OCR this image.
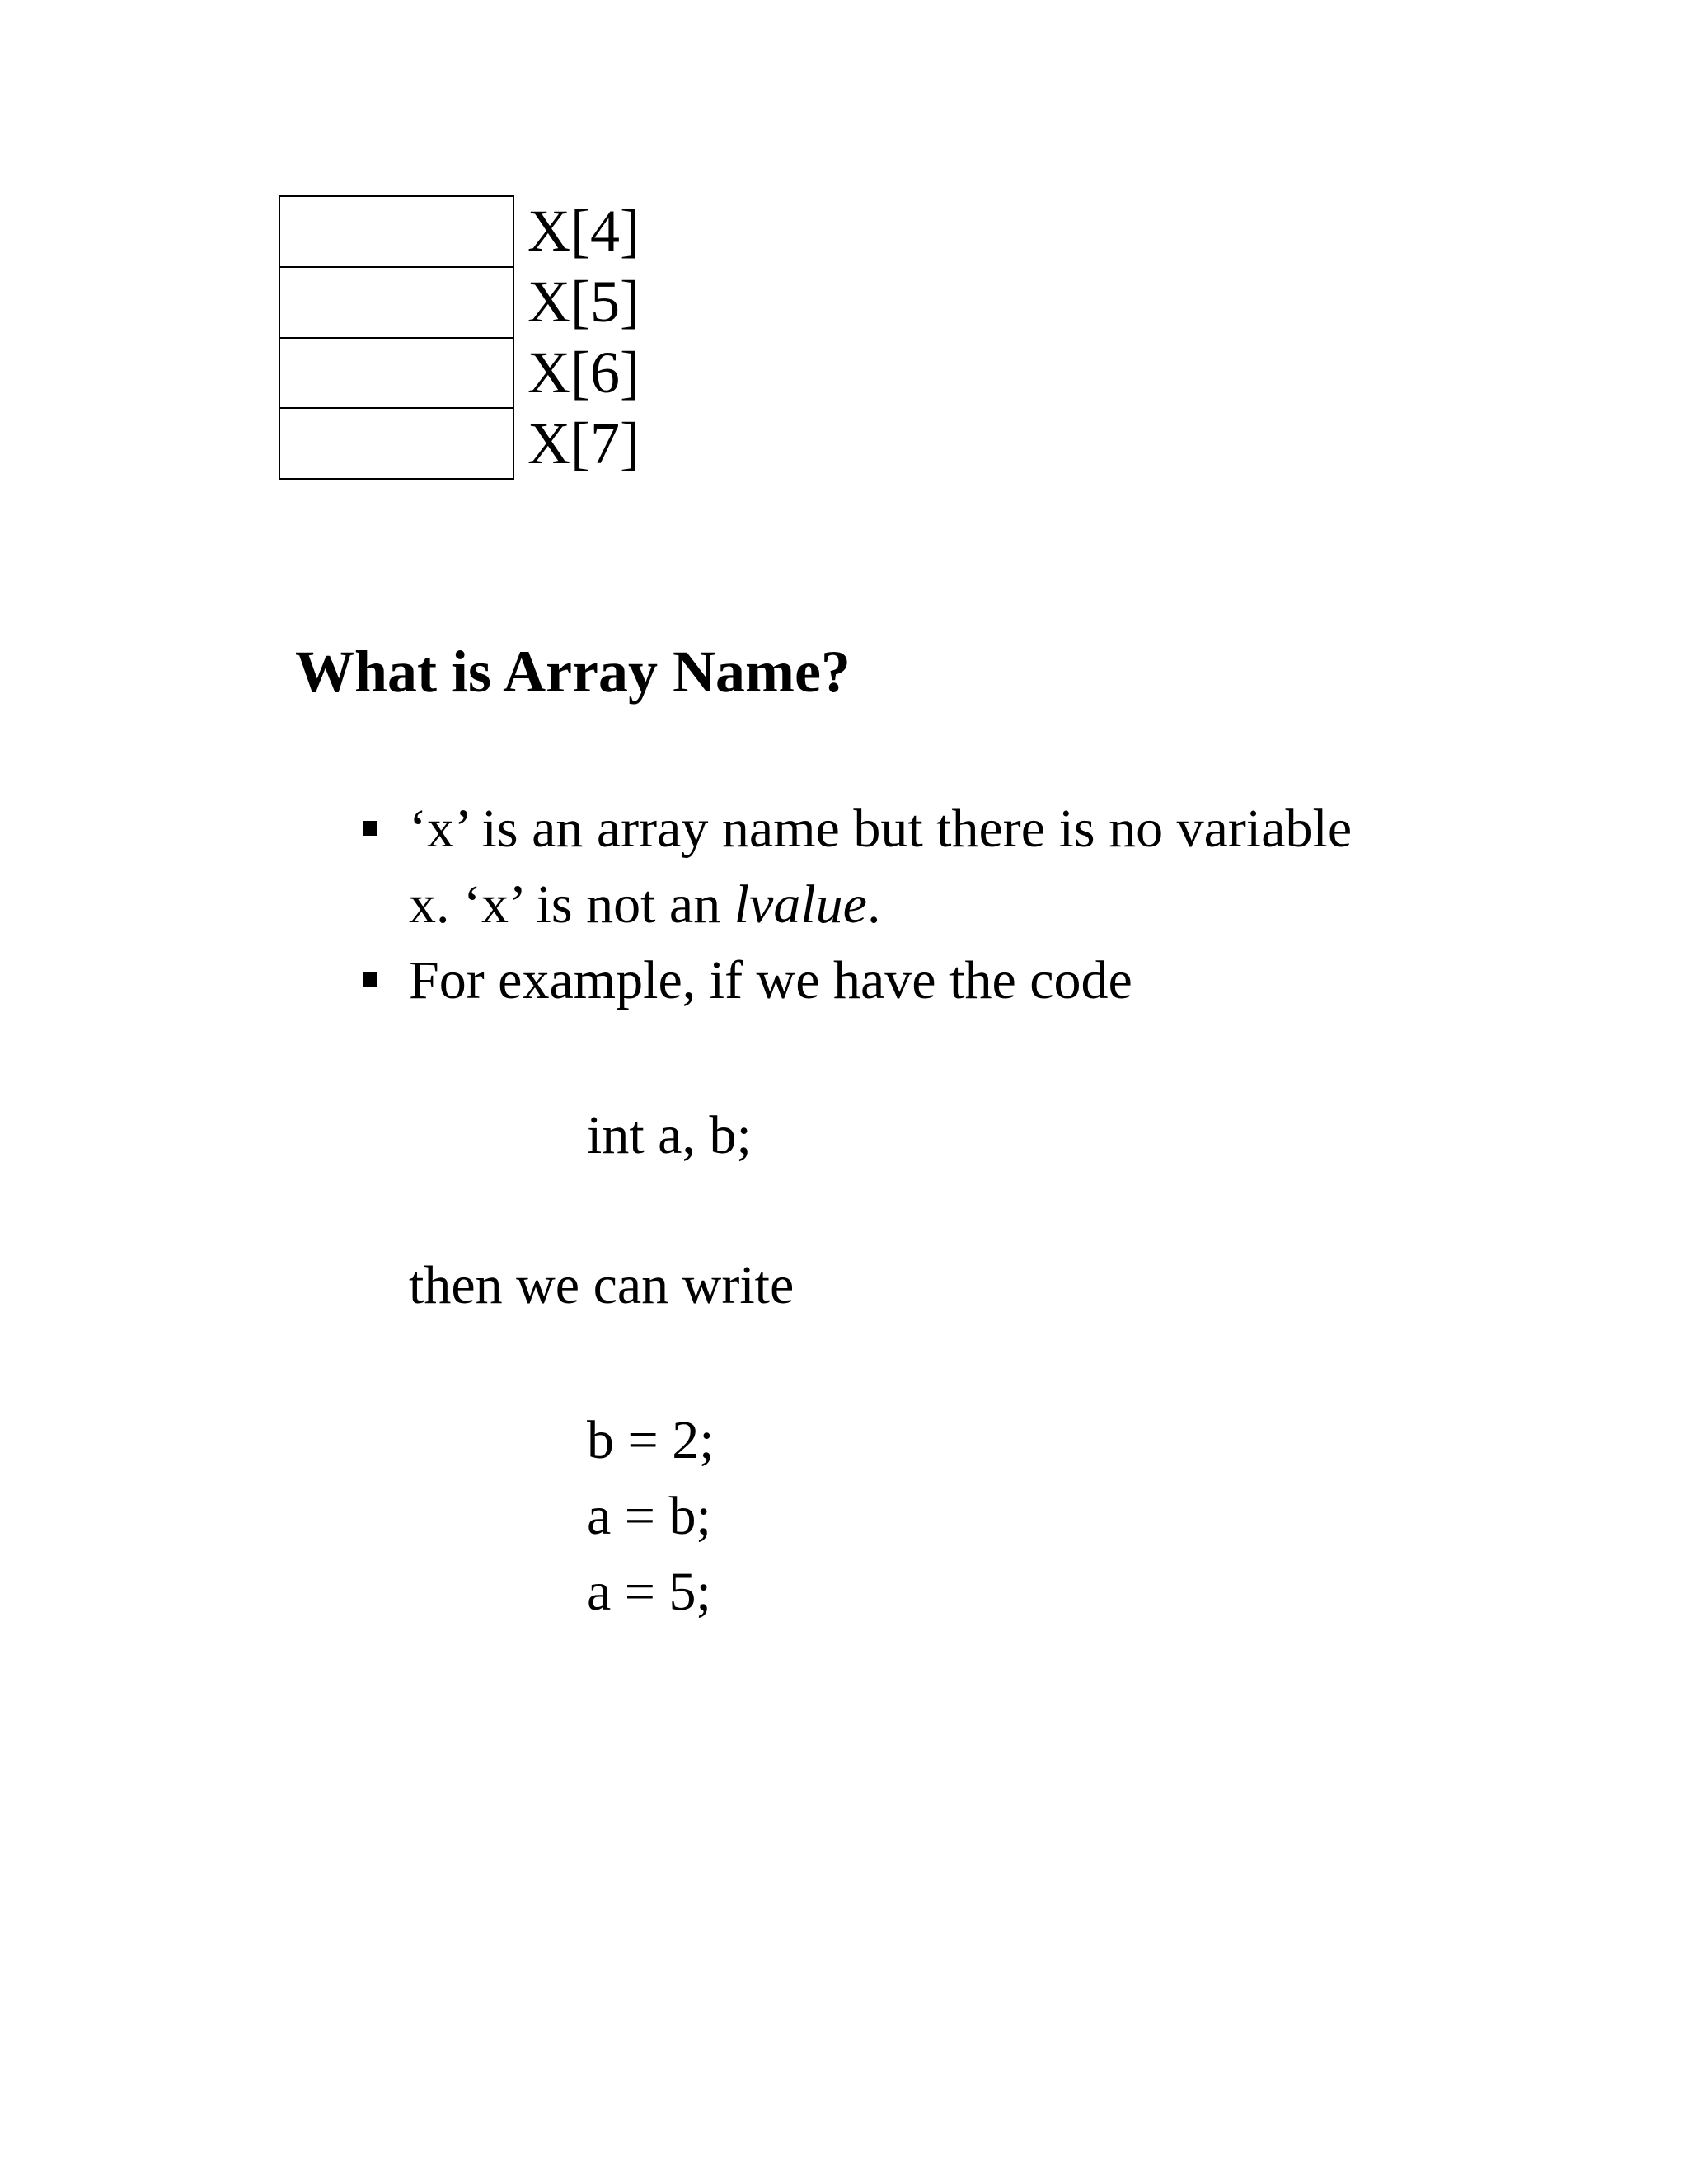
X[4]
X[5]
X[6]
X[7]
What is Array Name?
‘x’ is an array name but there is no variable
x. ‘x’ is not an lvalue.
For example, if we have the code
int a, b;
then we can write
b = 2;
a = b;
a = 5;
